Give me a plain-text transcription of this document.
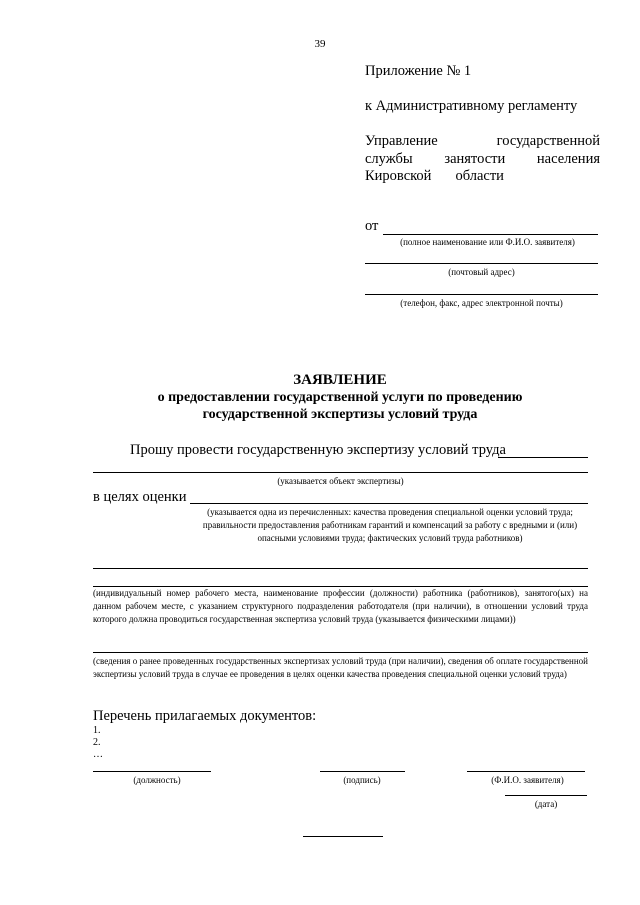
39
Приложение № 1
к Административному регламенту
Управление	государственной
службы занятости населения
Кировской области
от
(полное наименование или Ф.И.О. заявителя)
(почтовый адрес)
(телефон, факс, адрес электронной почты)
ЗАЯВЛЕНИЕ
о предоставлении государственной услуги по проведению
государственной экспертизы условий труда
Прошу провести государственную экспертизу условий труда
(указывается объект экспертизы)
в целях оценки
(указывается одна из перечисленных: качества проведения специальной оценки условий труда; правильности предоставления работникам гарантий и компенсаций за работу с вредными и (или) опасными условиями труда; фактических условий труда работников)
(индивидуальный номер рабочего места, наименование профессии (должности) работника (работников), занятого(ых) на данном рабочем месте, с указанием структурного подразделения работодателя (при наличии), в отношении условий труда которого должна проводиться государственная экспертиза условий труда (указывается физическими лицами))
(сведения о ранее проведенных государственных экспертизах условий труда (при наличии), сведения об оплате государственной экспертизы условий труда в случае ее проведения в целях оценки качества проведения специальной оценки условий труда)
Перечень прилагаемых документов:
1.
2.
…
(должность)	(подпись)	(Ф.И.О. заявителя)
(дата)
